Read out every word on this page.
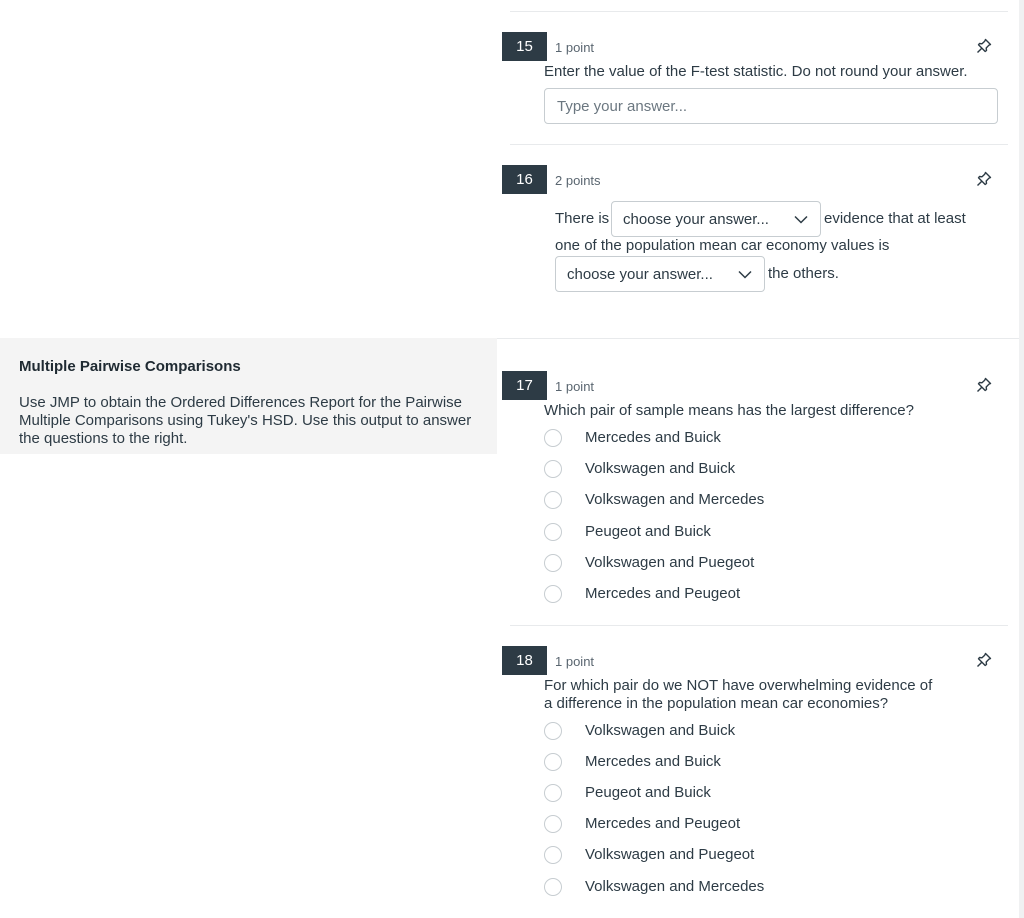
Multiple Pairwise Comparisons
Use JMP to obtain the Ordered Differences Report for the Pairwise Multiple Comparisons using Tukey's HSD. Use this output to answer the questions to the right.
15	1 point
Enter the value of the F-test statistic. Do not round your answer.
Type your answer...
16	2 points
There is choose your answer...	evidence that at least
one of the population mean car economy values is
choose your answer...	the others.
17	1 point
Which pair of sample means has the largest difference?
Mercedes and Buick
Volkswagen and Buick
Volkswagen and Mercedes
Peugeot and Buick
Volkswagen and Puegeot
Mercedes and Peugeot
18	1 point
For which pair do we NOT have overwhelming evidence of a difference in the population mean car economies?
Volkswagen and Buick
Mercedes and Buick
Peugeot and Buick
Mercedes and Peugeot
Volkswagen and Puegeot
Volkswagen and Mercedes
